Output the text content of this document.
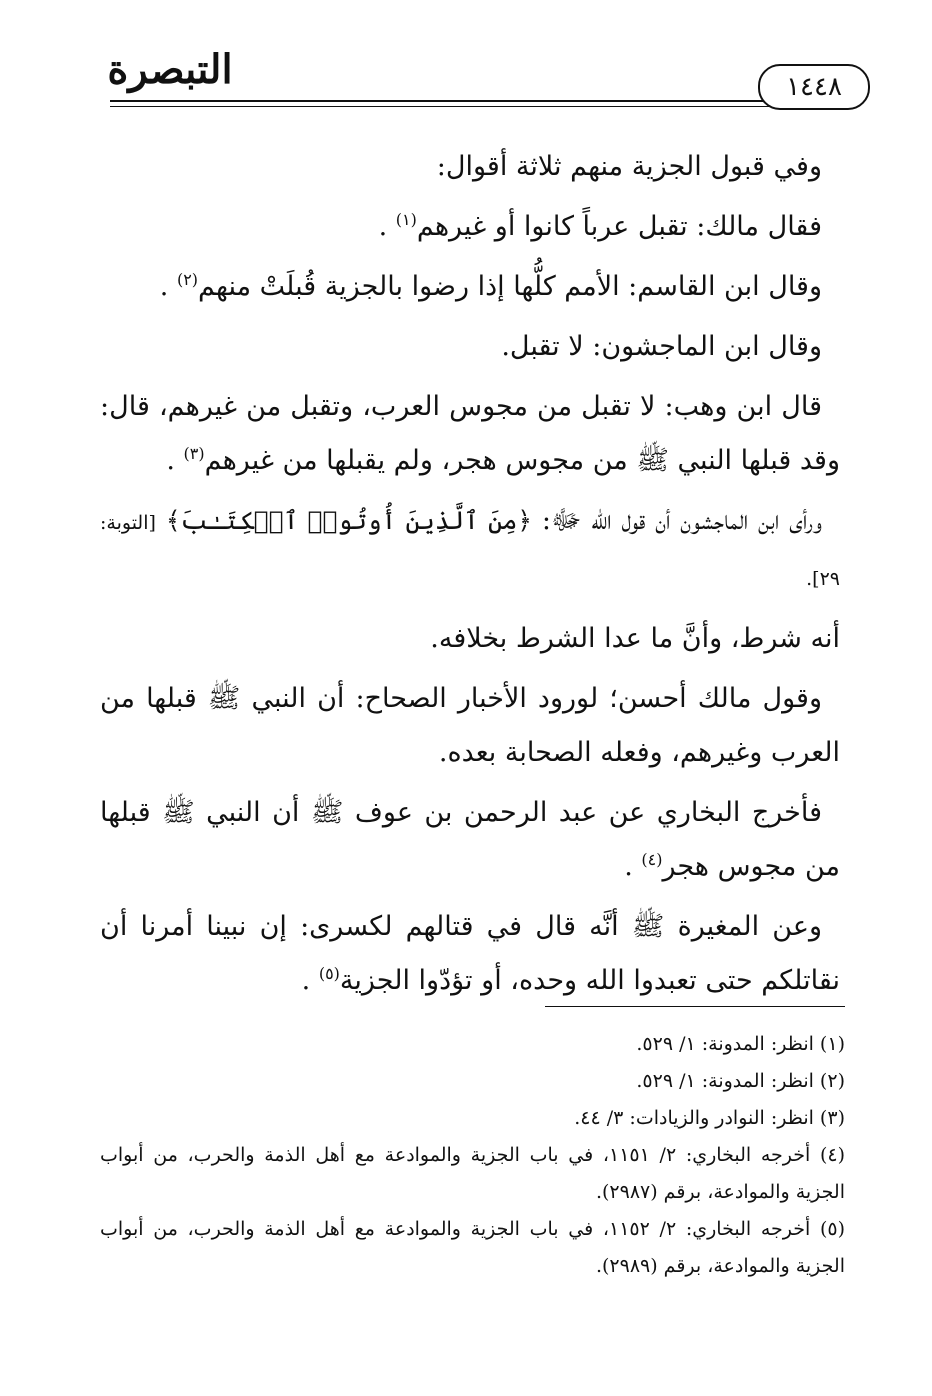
التبصرة	١٤٤٨

وفي قبول الجزية منهم ثلاثة أقوال:

فقال مالك: تقبل عرباً كانوا أو غيرهم$^{(١)}$ .

وقال ابن القاسم: الأمم كلُّها إذا رضوا بالجزية قُبلَتْ منهم$^{(٢)}$ .

وقال ابن الماجشون: لا تقبل.

قال ابن وهب: لا تقبل من مجوس العرب، وتقبل من غيرهم، قال: وقد قبلها النبي ﷺ من مجوس هجر، ولم يقبلها من غيرهم$^{(٣)}$ .

ورأى ابن الماجشون أن قول الله ﷻ: ﴿مِنَ ٱلَّذِينَ أُوتُوا۟ ٱلۡكِتَـٰبَ﴾ [التوبة: ٢٩].

أنه شرط، وأنَّ ما عدا الشرط بخلافه.

وقول مالك أحسن؛ لورود الأخبار الصحاح: أن النبي ﷺ قبلها من العرب وغيرهم، وفعله الصحابة بعده.

فأخرج البخاري عن عبد الرحمن بن عوف ﷺ أن النبي ﷺ قبلها من مجوس هجر$^{(٤)}$ .

وعن المغيرة ﷺ أنَّه قال في قتالهم لكسرى: إن نبينا أمرنا أن نقاتلكم حتى تعبدوا الله وحده، أو تؤدّوا الجزية$^{(٥)}$ .

(١) انظر: المدونة: ١/ ٥٢٩.
(٢) انظر: المدونة: ١/ ٥٢٩.
(٣) انظر: النوادر والزيادات: ٣/ ٤٤.
(٤) أخرجه البخاري: ٢/ ١١٥١، في باب الجزية والموادعة مع أهل الذمة والحرب، من أبواب الجزية والموادعة، برقم (٢٩٨٧).
(٥) أخرجه البخاري: ٢/ ١١٥٢، في باب الجزية والموادعة مع أهل الذمة والحرب، من أبواب الجزية والموادعة، برقم (٢٩٨٩).
